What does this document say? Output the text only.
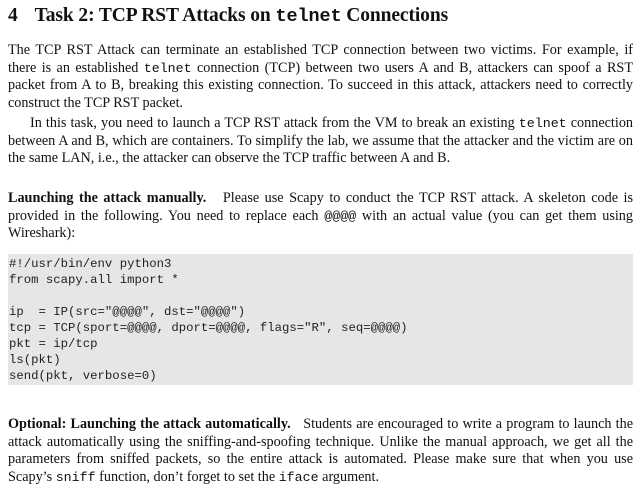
4 Task 2: TCP RST Attacks on telnet Connections
The TCP RST Attack can terminate an established TCP connection between two victims. For example, if there is an established telnet connection (TCP) between two users A and B, attackers can spoof a RST packet from A to B, breaking this existing connection. To succeed in this attack, attackers need to correctly construct the TCP RST packet.
In this task, you need to launch a TCP RST attack from the VM to break an existing telnet connection between A and B, which are containers. To simplify the lab, we assume that the attacker and the victim are on the same LAN, i.e., the attacker can observe the TCP traffic between A and B.
Launching the attack manually. Please use Scapy to conduct the TCP RST attack. A skeleton code is provided in the following. You need to replace each @@@@ with an actual value (you can get them using Wireshark):
#!/usr/bin/env python3
from scapy.all import *
ip  = IP(src="@@@@", dst="@@@@")
tcp = TCP(sport=@@@@, dport=@@@@, flags="R", seq=@@@@)
pkt = ip/tcp
ls(pkt)
send(pkt, verbose=0)
Optional: Launching the attack automatically. Students are encouraged to write a program to launch the attack automatically using the sniffing-and-spoofing technique. Unlike the manual approach, we get all the parameters from sniffed packets, so the entire attack is automated. Please make sure that when you use Scapy’s sniff function, don’t forget to set the iface argument.
